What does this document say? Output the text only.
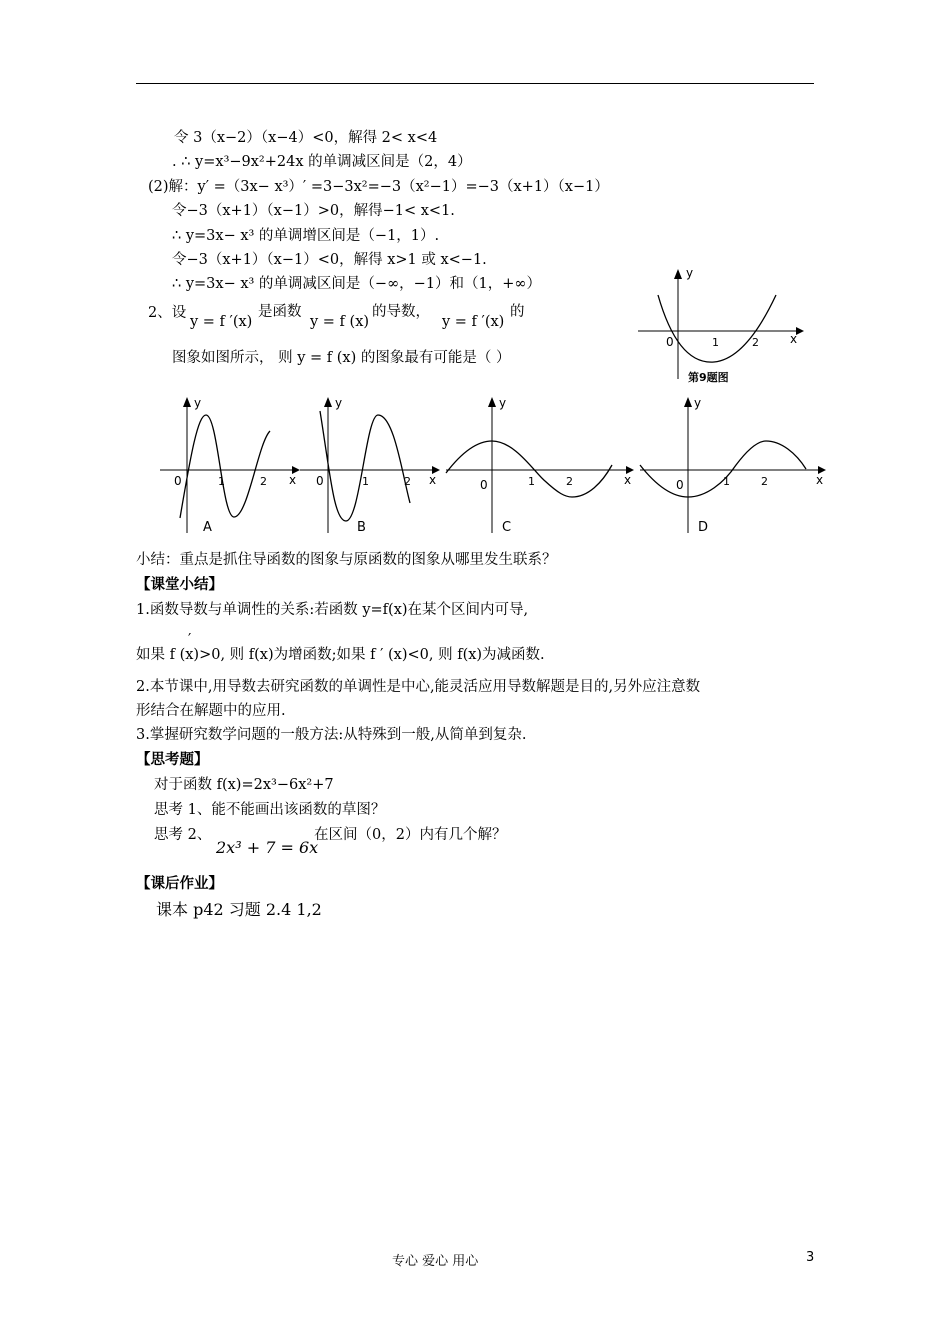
令 3（x−2）（x−4）<0，解得 2< x<4
. ∴ y=x³−9x²+24x 的单调减区间是（2，4）
(2)解：y′ =（3x− x³）′ =3−3x²=−3（x²−1）=−3（x+1）（x−1）
令−3（x+1）（x−1）>0，解得−1< x<1.
∴ y=3x− x³ 的单调增区间是（−1，1）.
令−3（x+1）（x−1）<0，解得 x>1 或 x<−1.
∴ y=3x− x³ 的单调减区间是（−∞，−1）和（1，+∞）
2、设
y = f ′(x)
是函数
y = f (x)
的导数，
y = f ′(x)
的
图象如图所示， 则 y = f (x) 的图象最有可能是（ ）
y
x
0	1	2
第9题图
y
x
0	1	2
A
y
x
0	1	2
B
y
x
0	1	2
C
y
x
0	1	2
D
小结：重点是抓住导函数的图象与原函数的图象从哪里发生联系？
【课堂小结】
1.函数导数与单调性的关系:若函数 y=f(x)在某个区间内可导,
′
如果 f (x)>0, 则 f(x)为增函数;如果 f ′ (x)<0, 则 f(x)为减函数.
2.本节课中,用导数去研究函数的单调性是中心,能灵活应用导数解题是目的,另外应注意数
形结合在解题中的应用.
3.掌握研究数学问题的一般方法:从特殊到一般,从简单到复杂.
【思考题】
对于函数 f(x)=2x³−6x²+7
思考 1、能不能画出该函数的草图？
思考 2、
2x³ + 7 = 6x
在区间（0，2）内有几个解？
【课后作业】
课本 p42 习题 2.4 1,2
专心 爱心 用心	3
